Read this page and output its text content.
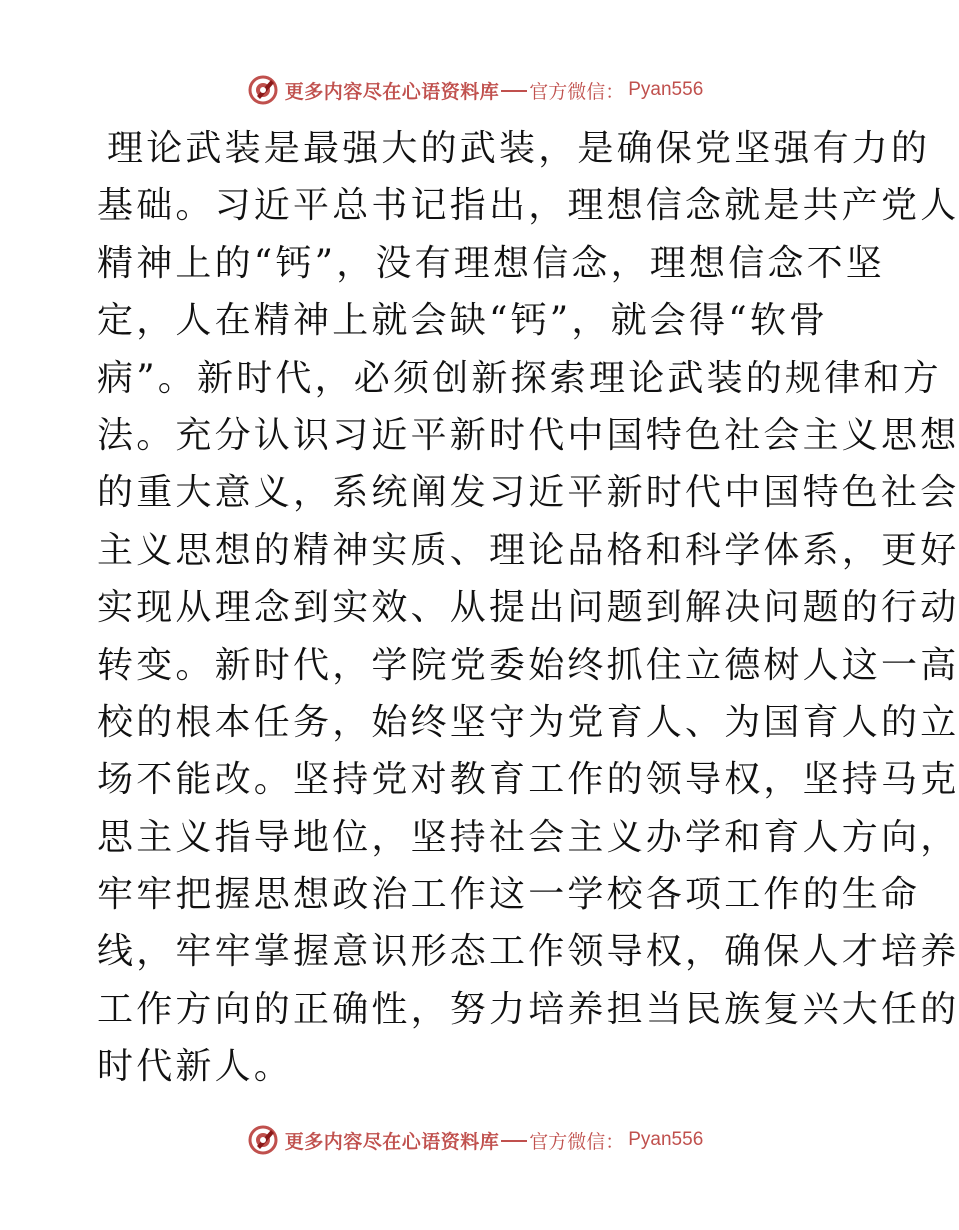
更多内容尽在心语资料库 官方微信： Pyan556
理论武装是最强大的武装，是确保党坚强有力的
基础。习近平总书记指出，理想信念就是共产党人
精神上的“钙”，没有理想信念，理想信念不坚
定，人在精神上就会缺“钙”，就会得“软骨
病”。新时代，必须创新探索理论武装的规律和方
法。充分认识习近平新时代中国特色社会主义思想
的重大意义，系统阐发习近平新时代中国特色社会
主义思想的精神实质、理论品格和科学体系，更好
实现从理念到实效、从提出问题到解决问题的行动
转变。新时代，学院党委始终抓住立德树人这一高
校的根本任务，始终坚守为党育人、为国育人的立
场不能改。坚持党对教育工作的领导权，坚持马克
思主义指导地位，坚持社会主义办学和育人方向，
牢牢把握思想政治工作这一学校各项工作的生命
线，牢牢掌握意识形态工作领导权，确保人才培养
工作方向的正确性，努力培养担当民族复兴大任的
时代新人。
更多内容尽在心语资料库 官方微信： Pyan556
